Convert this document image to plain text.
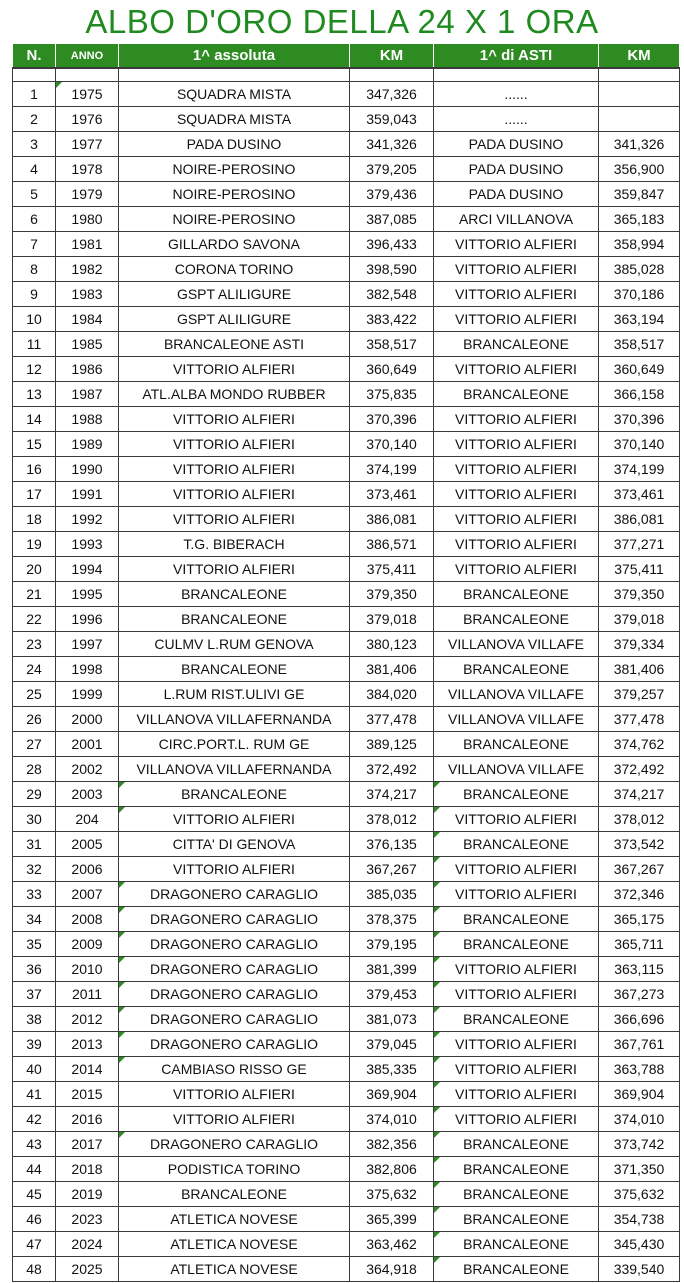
ALBO D'ORO DELLA 24 X 1 ORA
N.	ANNO	1^ assoluta	KM	1^ di ASTI	KM

1	1975	SQUADRA MISTA	347,326	......	
2	1976	SQUADRA MISTA	359,043	......	
3	1977	PADA DUSINO	341,326	PADA DUSINO	341,326
4	1978	NOIRE-PEROSINO	379,205	PADA DUSINO	356,900
5	1979	NOIRE-PEROSINO	379,436	PADA DUSINO	359,847
6	1980	NOIRE-PEROSINO	387,085	ARCI VILLANOVA	365,183
7	1981	GILLARDO SAVONA	396,433	VITTORIO ALFIERI	358,994
8	1982	CORONA TORINO	398,590	VITTORIO ALFIERI	385,028
9	1983	GSPT ALILIGURE	382,548	VITTORIO ALFIERI	370,186
10	1984	GSPT ALILIGURE	383,422	VITTORIO ALFIERI	363,194
11	1985	BRANCALEONE ASTI	358,517	BRANCALEONE	358,517
12	1986	VITTORIO ALFIERI	360,649	VITTORIO ALFIERI	360,649
13	1987	ATL.ALBA MONDO RUBBER	375,835	BRANCALEONE	366,158
14	1988	VITTORIO ALFIERI	370,396	VITTORIO ALFIERI	370,396
15	1989	VITTORIO ALFIERI	370,140	VITTORIO ALFIERI	370,140
16	1990	VITTORIO ALFIERI	374,199	VITTORIO ALFIERI	374,199
17	1991	VITTORIO ALFIERI	373,461	VITTORIO ALFIERI	373,461
18	1992	VITTORIO ALFIERI	386,081	VITTORIO ALFIERI	386,081
19	1993	T.G. BIBERACH	386,571	VITTORIO ALFIERI	377,271
20	1994	VITTORIO ALFIERI	375,411	VITTORIO ALFIERI	375,411
21	1995	BRANCALEONE	379,350	BRANCALEONE	379,350
22	1996	BRANCALEONE	379,018	BRANCALEONE	379,018
23	1997	CULMV L.RUM GENOVA	380,123	VILLANOVA VILLAFE	379,334
24	1998	BRANCALEONE	381,406	BRANCALEONE	381,406
25	1999	L.RUM RIST.ULIVI GE	384,020	VILLANOVA VILLAFE	379,257
26	2000	VILLANOVA VILLAFERNANDA	377,478	VILLANOVA VILLAFE	377,478
27	2001	CIRC.PORT.L. RUM GE	389,125	BRANCALEONE	374,762
28	2002	VILLANOVA VILLAFERNANDA	372,492	VILLANOVA VILLAFE	372,492
29	2003	BRANCALEONE	374,217	BRANCALEONE	374,217
30	204	VITTORIO ALFIERI	378,012	VITTORIO ALFIERI	378,012
31	2005	CITTA' DI GENOVA	376,135	BRANCALEONE	373,542
32	2006	VITTORIO ALFIERI	367,267	VITTORIO ALFIERI	367,267
33	2007	DRAGONERO CARAGLIO	385,035	VITTORIO ALFIERI	372,346
34	2008	DRAGONERO CARAGLIO	378,375	BRANCALEONE	365,175
35	2009	DRAGONERO CARAGLIO	379,195	BRANCALEONE	365,711
36	2010	DRAGONERO CARAGLIO	381,399	VITTORIO ALFIERI	363,115
37	2011	DRAGONERO CARAGLIO	379,453	VITTORIO ALFIERI	367,273
38	2012	DRAGONERO CARAGLIO	381,073	BRANCALEONE	366,696
39	2013	DRAGONERO CARAGLIO	379,045	VITTORIO ALFIERI	367,761
40	2014	CAMBIASO RISSO GE	385,335	VITTORIO ALFIERI	363,788
41	2015	VITTORIO ALFIERI	369,904	VITTORIO ALFIERI	369,904
42	2016	VITTORIO ALFIERI	374,010	VITTORIO ALFIERI	374,010
43	2017	DRAGONERO CARAGLIO	382,356	BRANCALEONE	373,742
44	2018	PODISTICA TORINO	382,806	BRANCALEONE	371,350
45	2019	BRANCALEONE	375,632	BRANCALEONE	375,632
46	2023	ATLETICA NOVESE	365,399	BRANCALEONE	354,738
47	2024	ATLETICA NOVESE	363,462	BRANCALEONE	345,430
48	2025	ATLETICA NOVESE	364,918	BRANCALEONE	339,540
